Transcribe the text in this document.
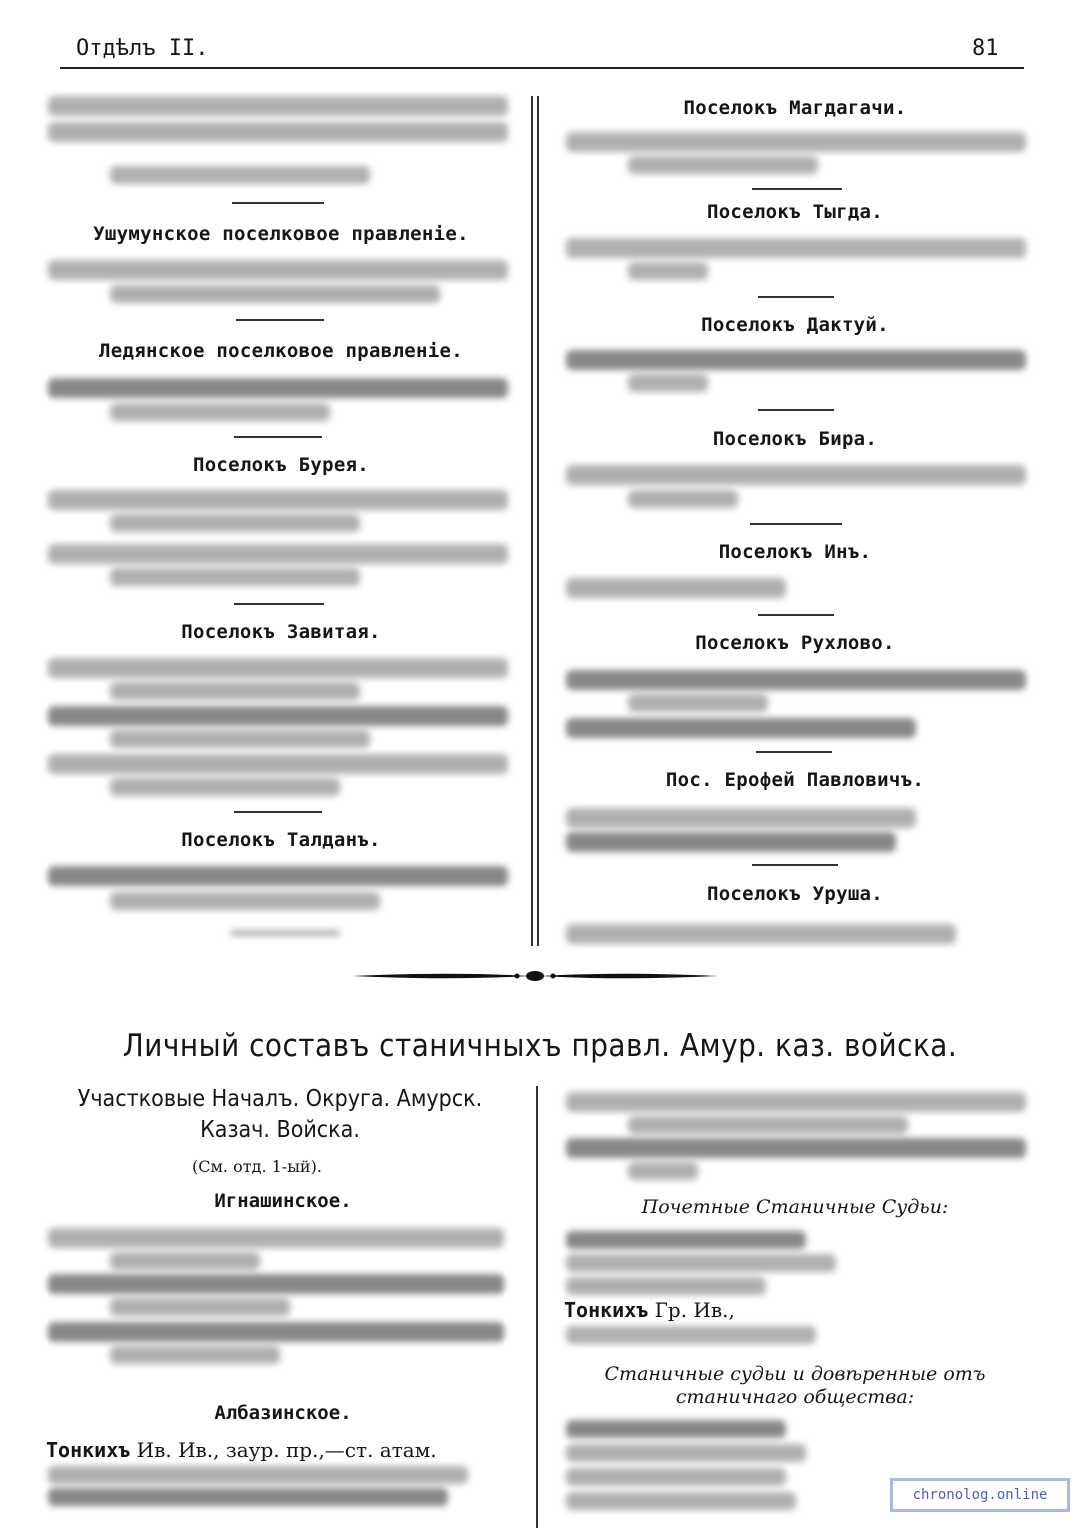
Отдѣлъ II.	81
Ушумунское поселковое правленіе.
Ледянское поселковое правленіе.
Поселокъ Бурея.
Поселокъ Завитая.
Поселокъ Талданъ.
Поселокъ Магдагачи.
Поселокъ Тыгда.
Поселокъ Дактуй.
Поселокъ Бира.
Поселокъ Инъ.
Поселокъ Рухлово.
Пос. Ерофей Павловичъ.
Поселокъ Уруша.
Личный составъ станичныхъ правл. Амур. каз. войска.
Участковые Началъ. Округа. Амурск.
Казач. Войска.
(См. отд. 1-ый).
Игнашинское.
Албазинское.
Тонкихъ Ив. Ив., заур. пр.,—ст. атам.
Почетные Станичные Судьи:
Тонкихъ Гр. Ив.,
Станичные судьи и довѣренные отъ
станичнаго общества:
chronolog.online
